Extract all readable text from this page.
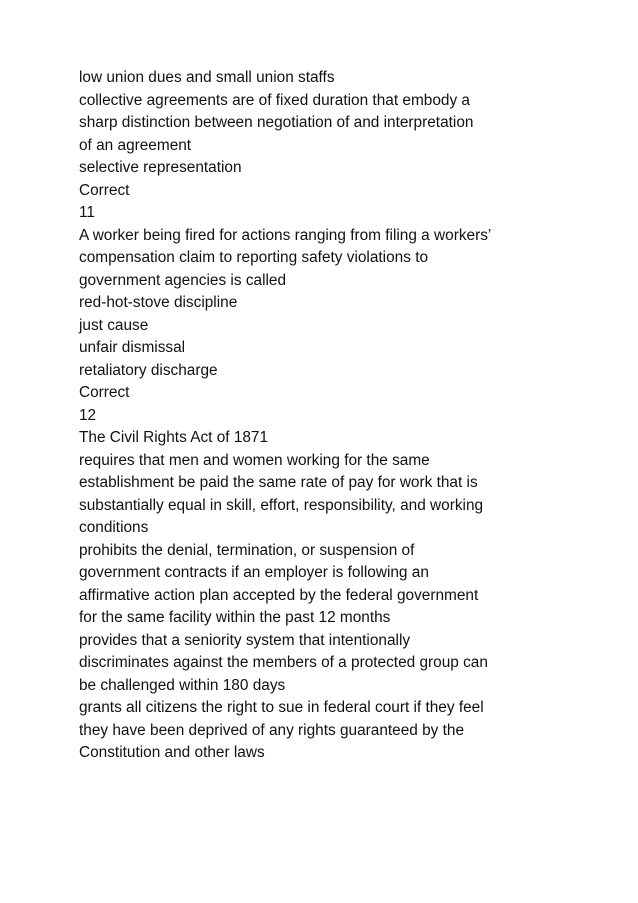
low union dues and small union staffs
collective agreements are of fixed duration that embody a
sharp distinction between negotiation of and interpretation
of an agreement
selective representation
Correct
11
A worker being fired for actions ranging from filing a workers’
compensation claim to reporting safety violations to
government agencies is called
red-hot-stove discipline
just cause
unfair dismissal
retaliatory discharge
Correct
12
The Civil Rights Act of 1871
requires that men and women working for the same
establishment be paid the same rate of pay for work that is
substantially equal in skill, effort, responsibility, and working
conditions
prohibits the denial, termination, or suspension of
government contracts if an employer is following an
affirmative action plan accepted by the federal government
for the same facility within the past 12 months
provides that a seniority system that intentionally
discriminates against the members of a protected group can
be challenged within 180 days
grants all citizens the right to sue in federal court if they feel
they have been deprived of any rights guaranteed by the
Constitution and other laws
